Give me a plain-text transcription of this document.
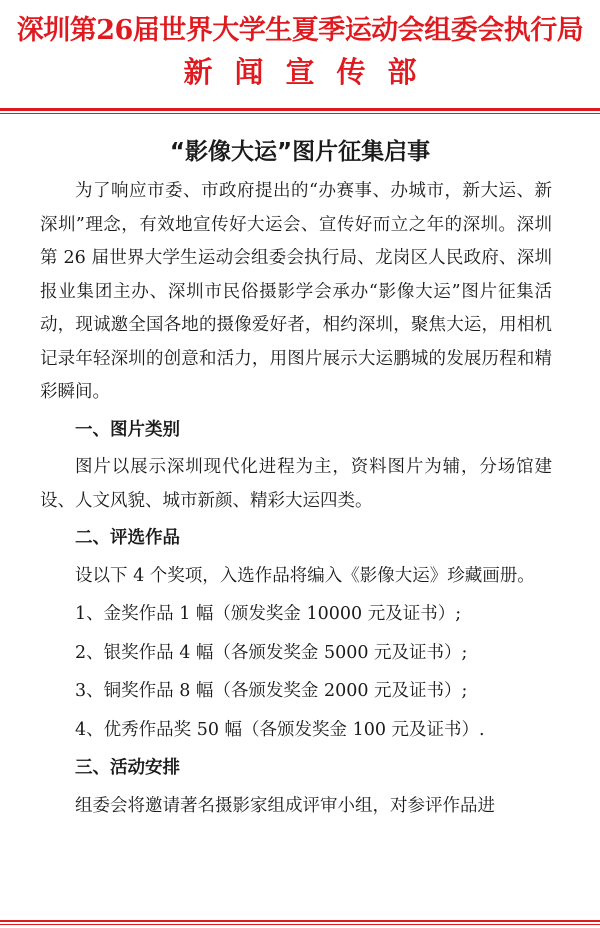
深圳第26届世界大学生夏季运动会组委会执行局
新闻宣传部
“影像大运”图片征集启事

为了响应市委、市政府提出的“办赛事、办城市，新大运、新深圳”理念，有效地宣传好大运会、宣传好而立之年的深圳。深圳第 26 届世界大学生运动会组委会执行局、龙岗区人民政府、深圳报业集团主办、深圳市民俗摄影学会承办“影像大运”图片征集活动，现诚邀全国各地的摄像爱好者，相约深圳，聚焦大运，用相机记录年轻深圳的创意和活力，用图片展示大运鹏城的发展历程和精彩瞬间。

一、图片类别

图片以展示深圳现代化进程为主，资料图片为辅，分场馆建设、人文风貌、城市新颜、精彩大运四类。

二、评选作品

设以下 4 个奖项，入选作品将编入《影像大运》珍藏画册。

1、金奖作品 1 幅（颁发奖金 10000 元及证书）;

2、银奖作品 4 幅（各颁发奖金 5000 元及证书）;

3、铜奖作品 8 幅（各颁发奖金 2000 元及证书）;

4、优秀作品奖 50 幅（各颁发奖金 100 元及证书）.

三、活动安排

组委会将邀请著名摄影家组成评审小组，对参评作品进
